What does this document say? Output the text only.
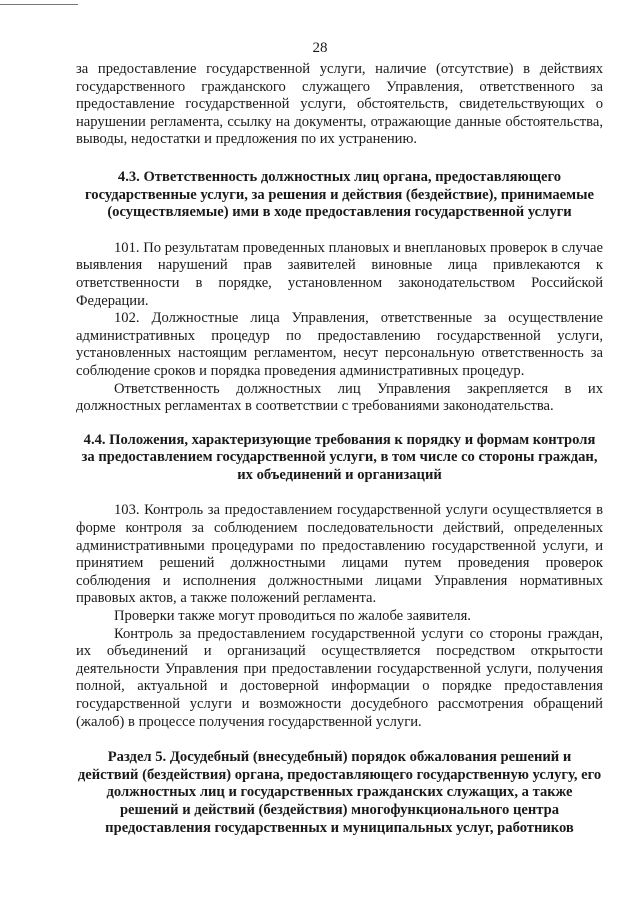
28

за предоставление государственной услуги, наличие (отсутствие) в действиях государственного гражданского служащего Управления, ответственного за предоставление государственной услуги, обстоятельств, свидетельствующих о нарушении регламента, ссылку на документы, отражающие данные обстоятельства, выводы, недостатки и предложения по их устранению.

4.3. Ответственность должностных лиц органа, предоставляющего государственные услуги, за решения и действия (бездействие), принимаемые (осуществляемые) ими в ходе предоставления государственной услуги

101. По результатам проведенных плановых и внеплановых проверок в случае выявления нарушений прав заявителей виновные лица привлекаются к ответственности в порядке, установленном законодательством Российской Федерации.

102. Должностные лица Управления, ответственные за осуществление административных процедур по предоставлению государственной услуги, установленных настоящим регламентом, несут персональную ответственность за соблюдение сроков и порядка проведения административных процедур.

Ответственность должностных лиц Управления закрепляется в их должностных регламентах в соответствии с требованиями законодательства.

4.4. Положения, характеризующие требования к порядку и формам контроля за предоставлением государственной услуги, в том числе со стороны граждан, их объединений и организаций

103. Контроль за предоставлением государственной услуги осуществляется в форме контроля за соблюдением последовательности действий, определенных административными процедурами по предоставлению государственной услуги, и принятием решений должностными лицами путем проведения проверок соблюдения и исполнения должностными лицами Управления нормативных правовых актов, а также положений регламента.

Проверки также могут проводиться по жалобе заявителя.

Контроль за предоставлением государственной услуги со стороны граждан, их объединений и организаций осуществляется посредством открытости деятельности Управления при предоставлении государственной услуги, получения полной, актуальной и достоверной информации о порядке предоставления государственной услуги и возможности досудебного рассмотрения обращений (жалоб) в процессе получения государственной услуги.

Раздел 5. Досудебный (внесудебный) порядок обжалования решений и действий (бездействия) органа, предоставляющего государственную услугу, его должностных лиц и государственных гражданских служащих, а также решений и действий (бездействия) многофункционального центра предоставления государственных и муниципальных услуг, работников
